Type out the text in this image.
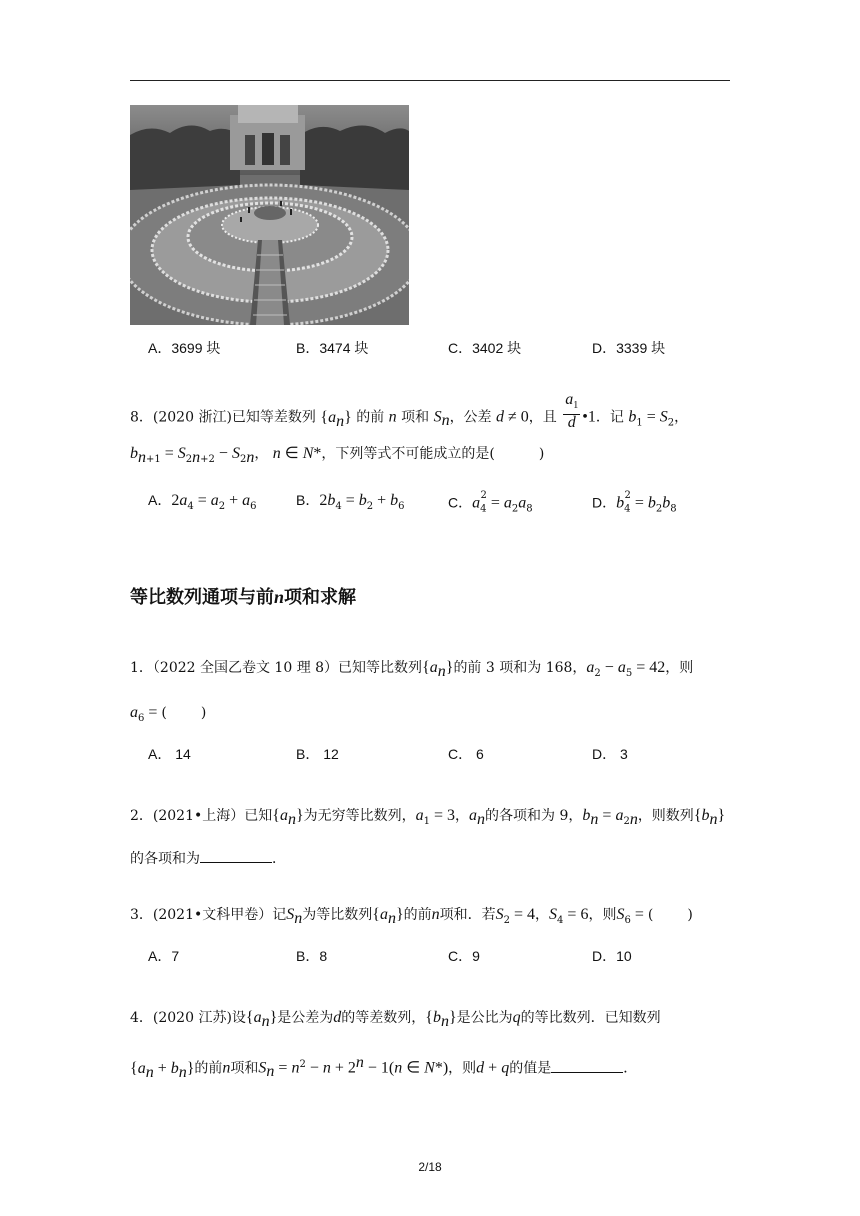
A．3699 块	B．3474 块	C．3402 块	D．3339 块
8．(2020 浙江)已知等差数列 $\{a_n\}$ 的前 n 项和 $S_n$，公差 d ≠ 0，且 $\frac{a_1}{d}$ •1．记 $b_1 = S_2$，
$b_{n+1} = S_{2n+2} - S_{2n}$， n ∈ N*，下列等式不可能成立的是(	)
A．$2a_4 = a_2 + a_6$	B．$2b_4 = b_2 + b_6$	C．$a_4^2 = a_2a_8$	D．$b_4^2 = b_2b_8$
等比数列通项与前n项和求解
1．（2022 全国乙卷文 10 理 8）已知等比数列$\{a_n\}$的前 3 项和为 168，$a_2 - a_5 = 42$，则
$a_6$ = ( )
A． 14	B． 12	C． 6	D． 3
2．(2021•上海）已知$\{a_n\}$为无穷等比数列，$a_1 = 3$，$a_n$的各项和为 9，$b_n = a_{2n}$，则数列$\{b_n\}$
的各项和为	．
3．(2021•文科甲卷）记$S_n$为等比数列$\{a_n\}$的前n项和．若$S_2 = 4$，$S_4 = 6$，则$S_6$ = ( )
A．7	B．8	C．9	D．10
4．(2020 江苏)设$\{a_n\}$是公差为d的等差数列，$\{b_n\}$是公比为q的等比数列．已知数列
$\{a_n + b_n\}$的前n项和$S_n = n^2 - n + 2^n - 1(n$ ∈ N*)，则d + q的值是	．
2/18
